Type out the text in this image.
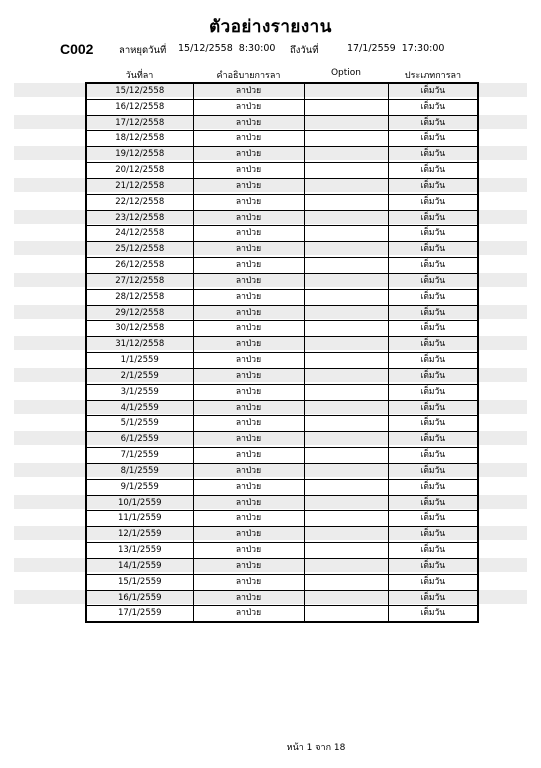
ตัวอย่างรายงาน
C002	ลาหยุดวันที่ 15/12/2558  8:30:00 ถึงวันที่	17/1/2559  17:30:00
วันที่ลา	คำอธิบายการลา	Option	ประเภทการลา
15/12/2558	ลาป่วย		เต็มวัน
16/12/2558	ลาป่วย		เต็มวัน
17/12/2558	ลาป่วย		เต็มวัน
18/12/2558	ลาป่วย		เต็มวัน
19/12/2558	ลาป่วย		เต็มวัน
20/12/2558	ลาป่วย		เต็มวัน
21/12/2558	ลาป่วย		เต็มวัน
22/12/2558	ลาป่วย		เต็มวัน
23/12/2558	ลาป่วย		เต็มวัน
24/12/2558	ลาป่วย		เต็มวัน
25/12/2558	ลาป่วย		เต็มวัน
26/12/2558	ลาป่วย		เต็มวัน
27/12/2558	ลาป่วย		เต็มวัน
28/12/2558	ลาป่วย		เต็มวัน
29/12/2558	ลาป่วย		เต็มวัน
30/12/2558	ลาป่วย		เต็มวัน
31/12/2558	ลาป่วย		เต็มวัน
1/1/2559	ลาป่วย		เต็มวัน
2/1/2559	ลาป่วย		เต็มวัน
3/1/2559	ลาป่วย		เต็มวัน
4/1/2559	ลาป่วย		เต็มวัน
5/1/2559	ลาป่วย		เต็มวัน
6/1/2559	ลาป่วย		เต็มวัน
7/1/2559	ลาป่วย		เต็มวัน
8/1/2559	ลาป่วย		เต็มวัน
9/1/2559	ลาป่วย		เต็มวัน
10/1/2559	ลาป่วย		เต็มวัน
11/1/2559	ลาป่วย		เต็มวัน
12/1/2559	ลาป่วย		เต็มวัน
13/1/2559	ลาป่วย		เต็มวัน
14/1/2559	ลาป่วย		เต็มวัน
15/1/2559	ลาป่วย		เต็มวัน
16/1/2559	ลาป่วย		เต็มวัน
17/1/2559	ลาป่วย		เต็มวัน
หน้า 1 จาก 18
